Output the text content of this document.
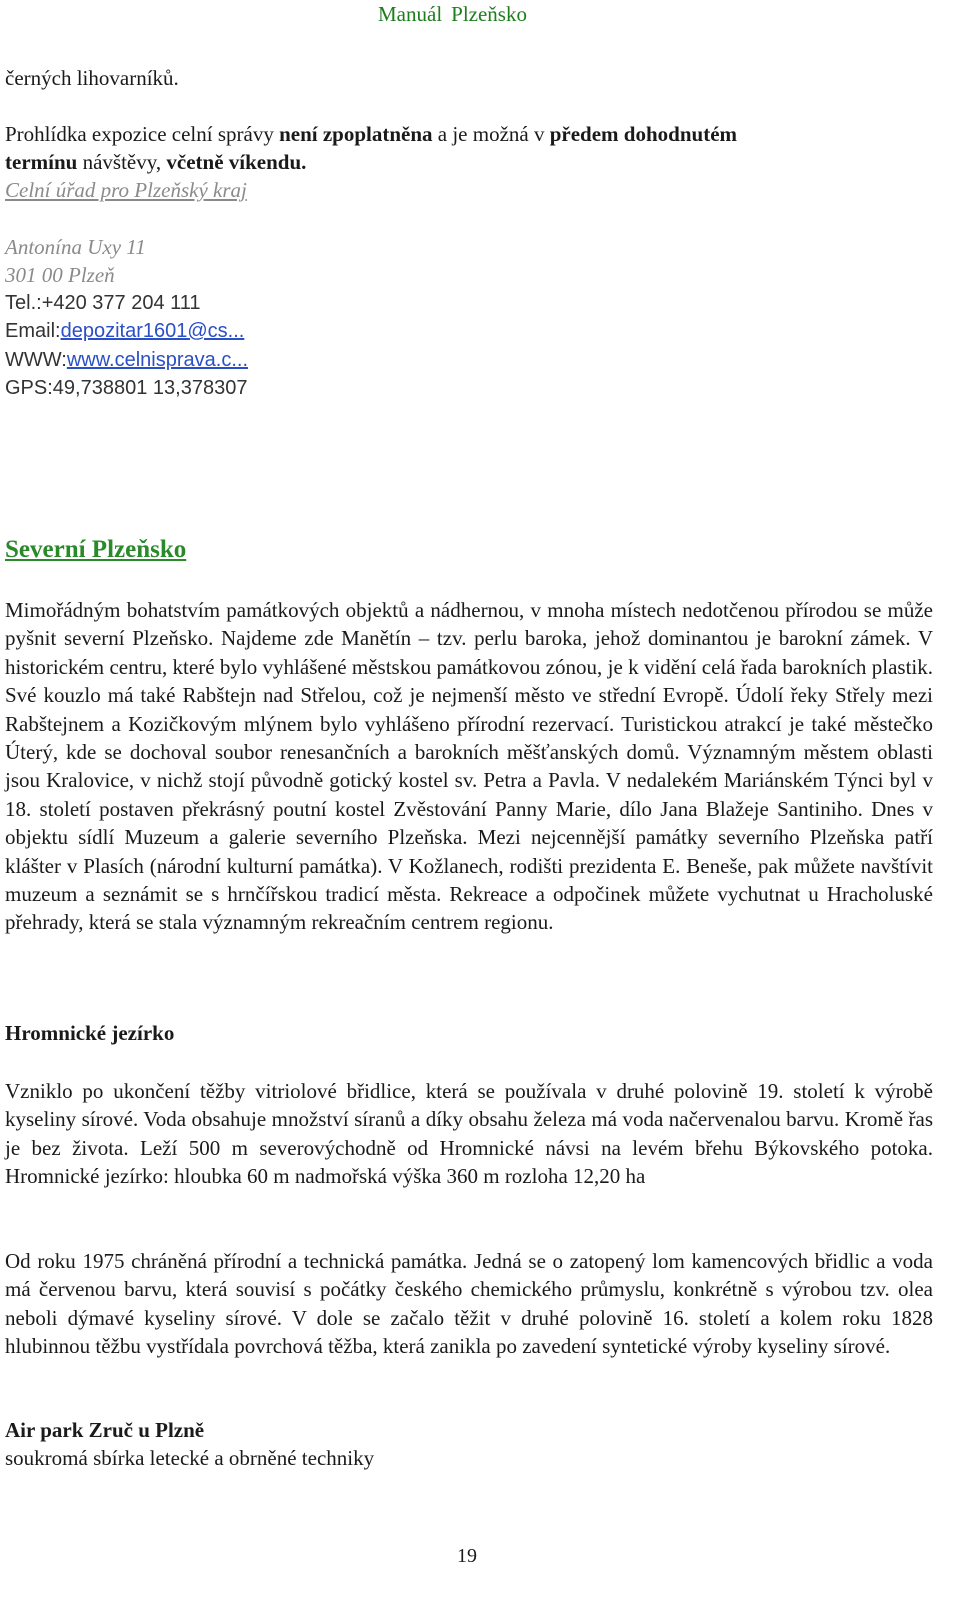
Manuál Plzeňsko
černých lihovarníků.
Prohlídka expozice celní správy není zpoplatněna a je možná v předem dohodnutém
termínu návštěvy, včetně víkendu.
Celní úřad pro Plzeňský kraj
Antonína Uxy 11
301 00 Plzeň
Tel.:+420 377 204 111
Email:depozitar1601@cs...
WWW:www.celnisprava.c...
GPS:49,738801 13,378307
Severní Plzeňsko
Mimořádným bohatstvím památkových objektů a nádhernou, v mnoha místech nedotčenou přírodou se může pyšnit severní Plzeňsko. Najdeme zde Manětín – tzv. perlu baroka, jehož dominantou je barokní zámek. V historickém centru, které bylo vyhlášené městskou památkovou zónou, je k vidění celá řada barokních plastik. Své kouzlo má také Rabštejn nad Střelou, což je nejmenší město ve střední Evropě. Údolí řeky Střely mezi Rabštejnem a Kozičkovým mlýnem bylo vyhlášeno přírodní rezervací. Turistickou atrakcí je také městečko Úterý, kde se dochoval soubor renesančních a barokních měšťanských domů. Významným městem oblasti jsou Kralovice, v nichž stojí původně gotický kostel sv. Petra a Pavla. V nedalekém Mariánském Týnci byl v 18. století postaven překrásný poutní kostel Zvěstování Panny Marie, dílo Jana Blažeje Santiniho. Dnes v objektu sídlí Muzeum a galerie severního Plzeňska. Mezi nejcennější památky severního Plzeňska patří klášter v Plasích (národní kulturní památka). V Kožlanech, rodišti prezidenta E. Beneše, pak můžete navštívit muzeum a seznámit se s hrnčířskou tradicí města. Rekreace a odpočinek můžete vychutnat u Hracholuské přehrady, která se stala významným rekreačním centrem regionu.
Hromnické jezírko
Vzniklo po ukončení těžby vitriolové břidlice, která se používala v druhé polovině 19. století k výrobě kyseliny sírové. Voda obsahuje množství síranů a díky obsahu železa má voda načervenalou barvu. Kromě řas je bez života. Leží 500 m severovýchodně od Hromnické návsi na levém břehu Býkovského potoka. Hromnické jezírko: hloubka 60 m nadmořská výška 360 m rozloha 12,20 ha
Od roku 1975 chráněná přírodní a technická památka. Jedná se o zatopený lom kamencových břidlic a voda má červenou barvu, která souvisí s počátky českého chemického průmyslu, konkrétně s výrobou tzv. olea neboli dýmavé kyseliny sírové. V dole se začalo těžit v druhé polovině 16. století a kolem roku 1828 hlubinnou těžbu vystřídala povrchová těžba, která zanikla po zavedení syntetické výroby kyseliny sírové.
Air park Zruč u Plzně
soukromá sbírka letecké a obrněné techniky
19
